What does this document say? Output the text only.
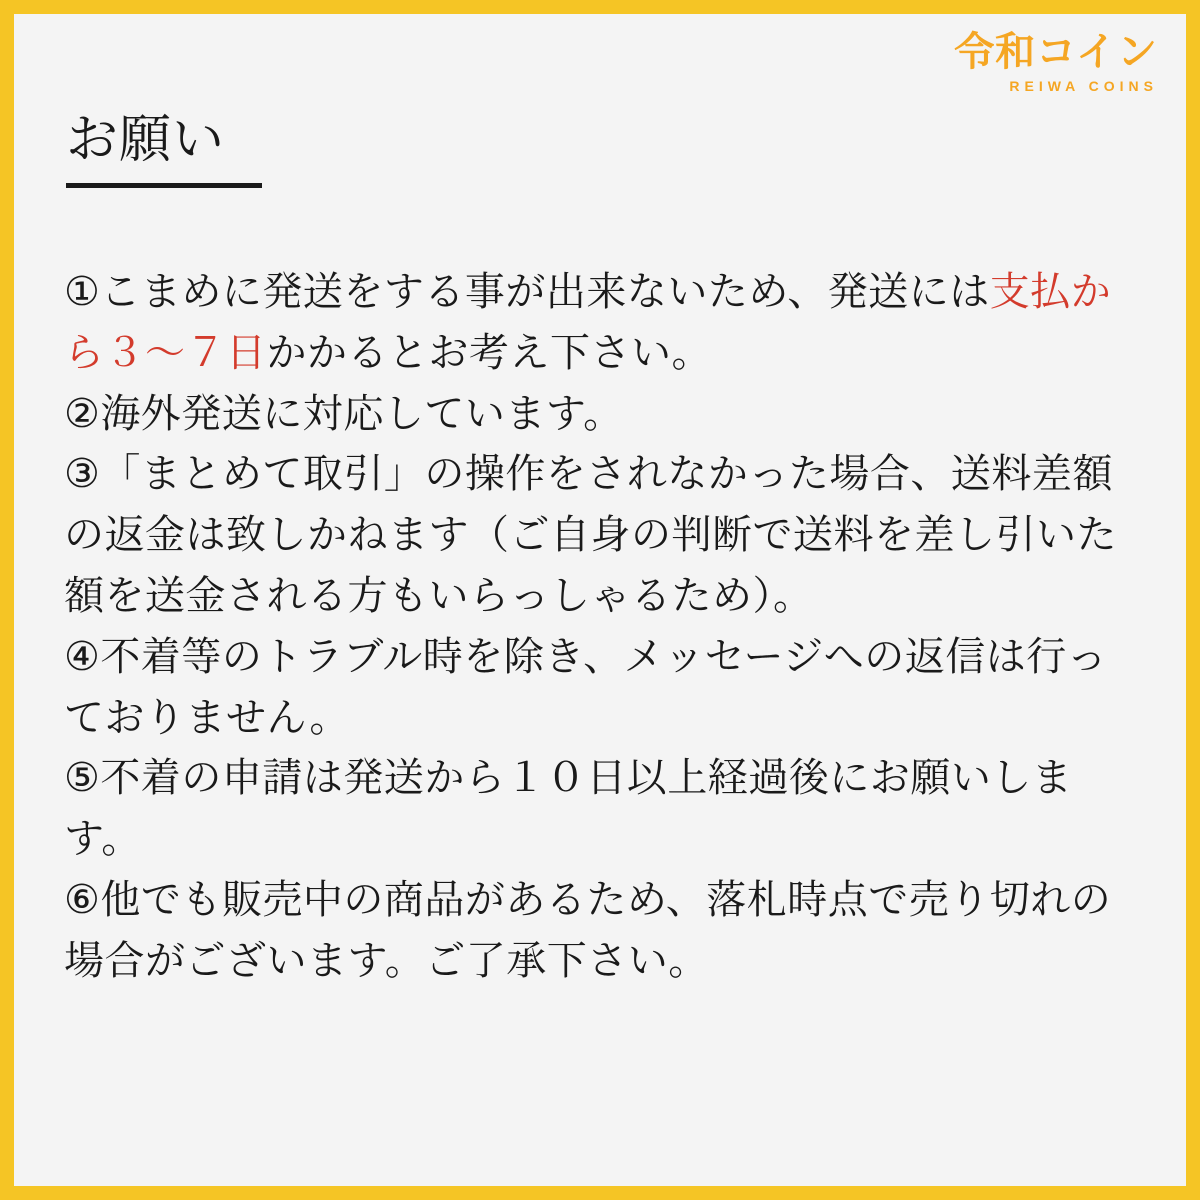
令和コイン
REIWA COINS
お願い

①こまめに発送をする事が出来ないため、発送には支払から３〜７日かかるとお考え下さい。

②海外発送に対応しています。

③「まとめて取引」の操作をされなかった場合、送料差額の返金は致しかねます（ご自身の判断で送料を差し引いた額を送金される方もいらっしゃるため）。

④不着等のトラブル時を除き、メッセージへの返信は行っておりません。

⑤不着の申請は発送から１０日以上経過後にお願いします。

⑥他でも販売中の商品があるため、落札時点で売り切れの場合がございます。ご了承下さい。
